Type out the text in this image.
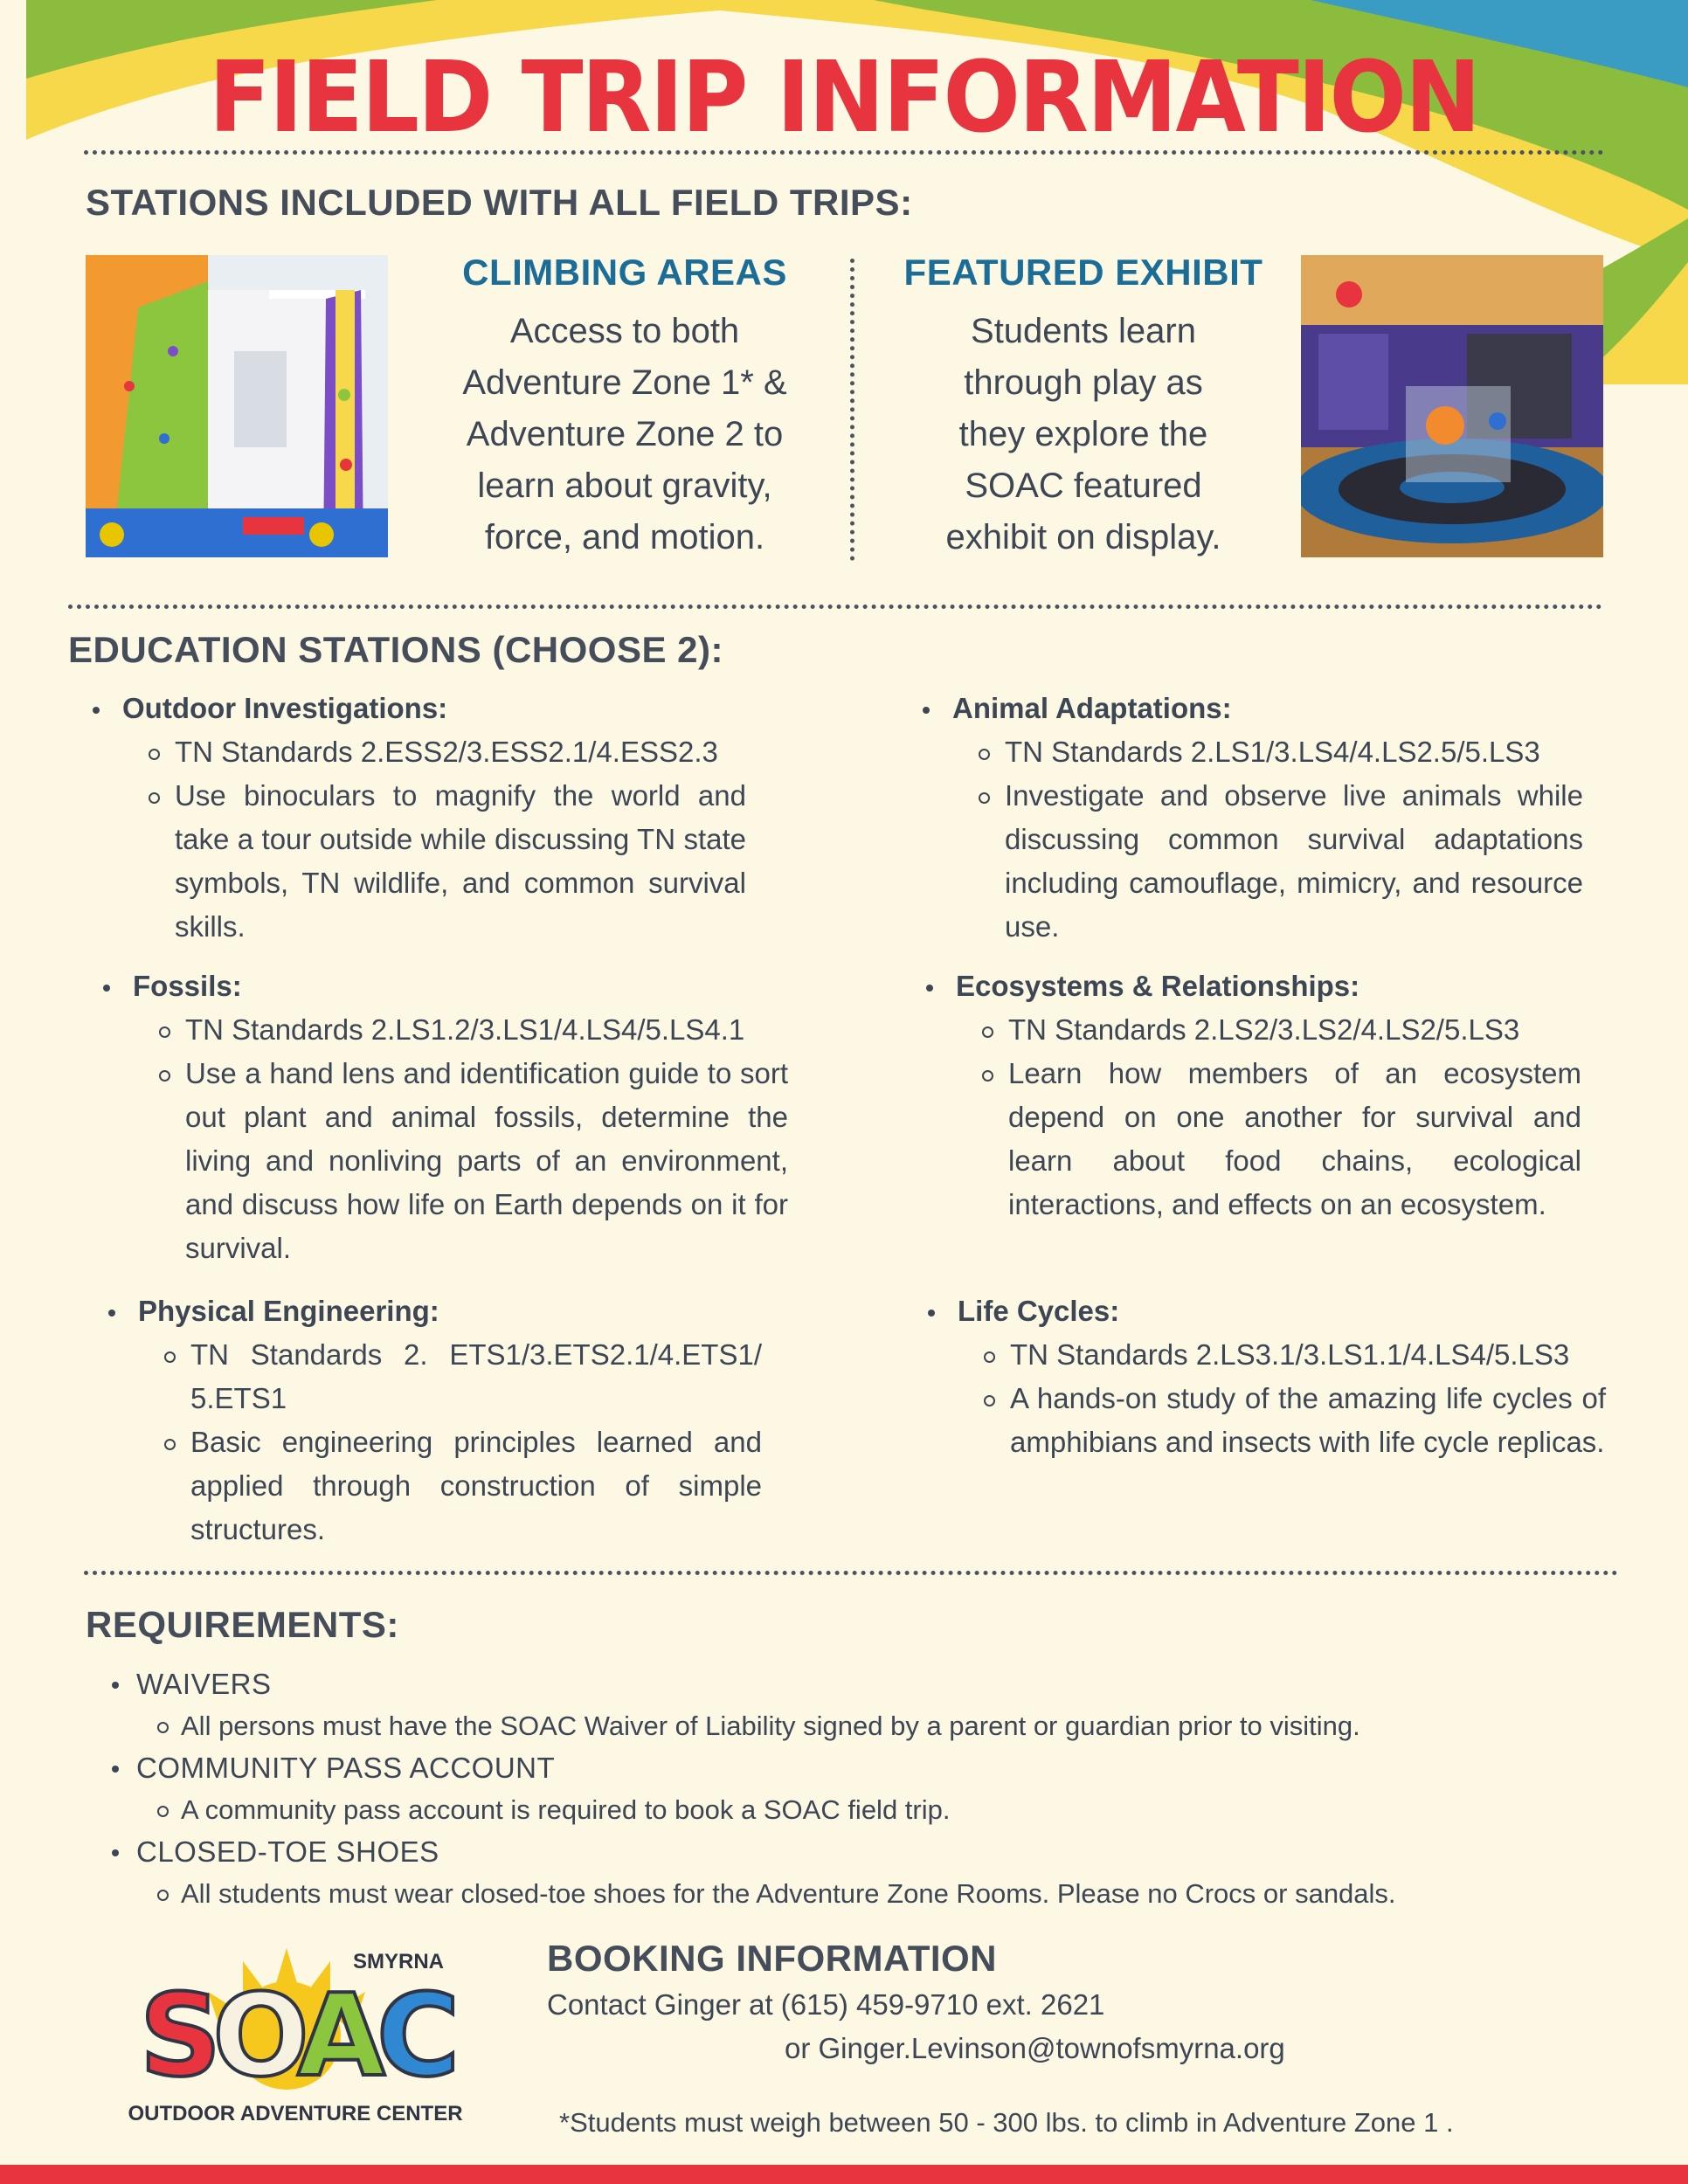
FIELD TRIP INFORMATION
STATIONS INCLUDED WITH ALL FIELD TRIPS:
CLIMBING AREAS
Access to both
Adventure Zone 1* &
Adventure Zone 2 to
learn about gravity,
force, and motion.
FEATURED EXHIBIT
Students learn
through play as
they explore the
SOAC featured
exhibit on display.
EDUCATION STATIONS (CHOOSE 2):
Outdoor Investigations:
TN Standards 2.ESS2/3.ESS2.1/4.ESS2.3
Use binoculars to magnify the world and take a tour outside while discussing TN state symbols, TN wildlife, and common survival skills.
Animal Adaptations:
TN Standards 2.LS1/3.LS4/4.LS2.5/5.LS3
Investigate and observe live animals while discussing common survival adaptations including camouflage, mimicry, and resource use.
Fossils:
TN Standards 2.LS1.2/3.LS1/4.LS4/5.LS4.1
Use a hand lens and identification guide to sort out plant and animal fossils, determine the living and nonliving parts of an environment, and discuss how life on Earth depends on it for survival.
Ecosystems & Relationships:
TN Standards 2.LS2/3.LS2/4.LS2/5.LS3
Learn how members of an ecosystem depend on one another for survival and learn about food chains, ecological interactions, and effects on an ecosystem.
Physical Engineering:
TN Standards 2. ETS1/3.ETS2.1/4.ETS1/ 5.ETS1
Basic engineering principles learned and applied through construction of simple structures.
Life Cycles:
TN Standards 2.LS3.1/3.LS1.1/4.LS4/5.LS3
A hands-on study of the amazing life cycles of amphibians and insects with life cycle replicas.
REQUIREMENTS:
WAIVERS
All persons must have the SOAC Waiver of Liability signed by a parent or guardian prior to visiting.
COMMUNITY PASS ACCOUNT
A community pass account is required to book a SOAC field trip.
CLOSED-TOE SHOES
All students must wear closed-toe shoes for the Adventure Zone Rooms. Please no Crocs or sandals.
SMYRNA
SOAC
OUTDOOR ADVENTURE CENTER
BOOKING INFORMATION
Contact Ginger at (615) 459-9710 ext. 2621
or Ginger.Levinson@townofsmyrna.org
*Students must weigh between 50 - 300 lbs. to climb in Adventure Zone 1 .
